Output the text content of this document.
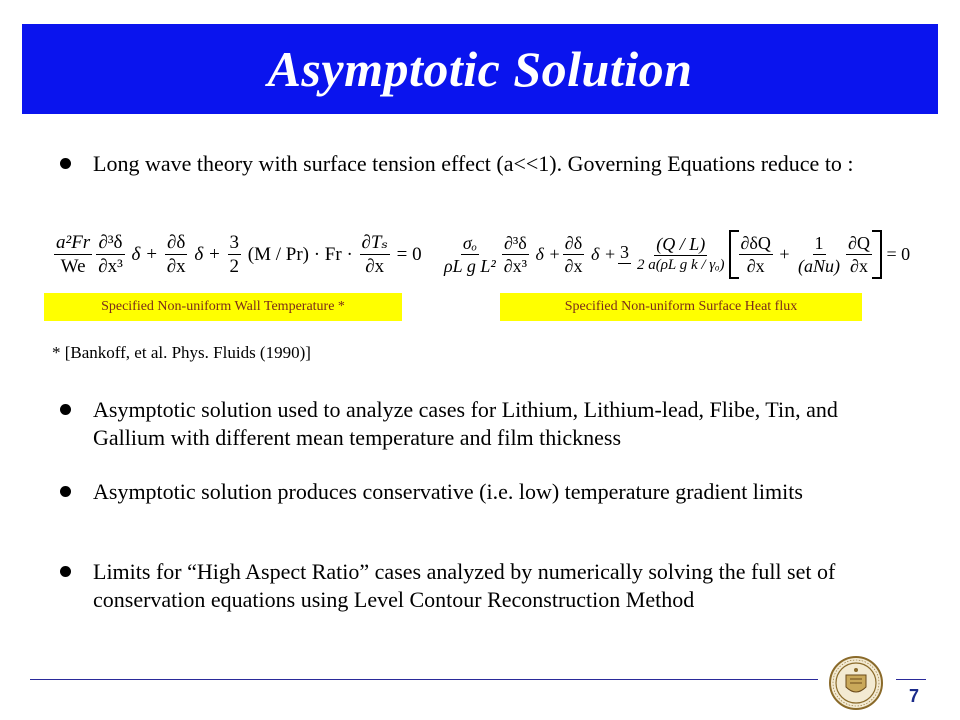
Asymptotic Solution
Long wave theory with surface tension effect (a<<1). Governing Equations reduce to :
$\frac{\text{a²Fr}}{We} \frac{\text{∂³δ}}{\text{∂x³}}$ $\delta + \frac{\partial\delta}{\partial x}$ $\delta + \frac{3}{2}$
(M / Pr) · Fr ·
$\frac{\text{∂Tₛ}}{\partial x}$
= $0 \frac{\text{σₒ}}{\text{ρL g L²}} \frac{\text{∂³δ}}{\text{∂x³}}$ $\delta + \frac{\partial\delta}{\partial x}$ $\delta + 3 \frac{(Q / L)}{\text{2 a(ρL g k / γₒ)}} \frac{\partial\delta Q}{\partial x} + \frac{1}{\text{(aNu)}} \frac{\partial Q}{\partial x}$
= 0
Specified Non-uniform Wall Temperature *	Specified Non-uniform Surface Heat flux
* [Bankoff, et al. Phys. Fluids (1990)]
Asymptotic solution used to analyze cases for Lithium, Lithium-lead, Flibe, Tin, and Gallium with different mean temperature and film thickness
Asymptotic solution produces conservative (i.e. low) temperature gradient limits
Limits for “High Aspect Ratio” cases analyzed by numerically solving the full set of conservation equations using Level Contour Reconstruction Method
7
